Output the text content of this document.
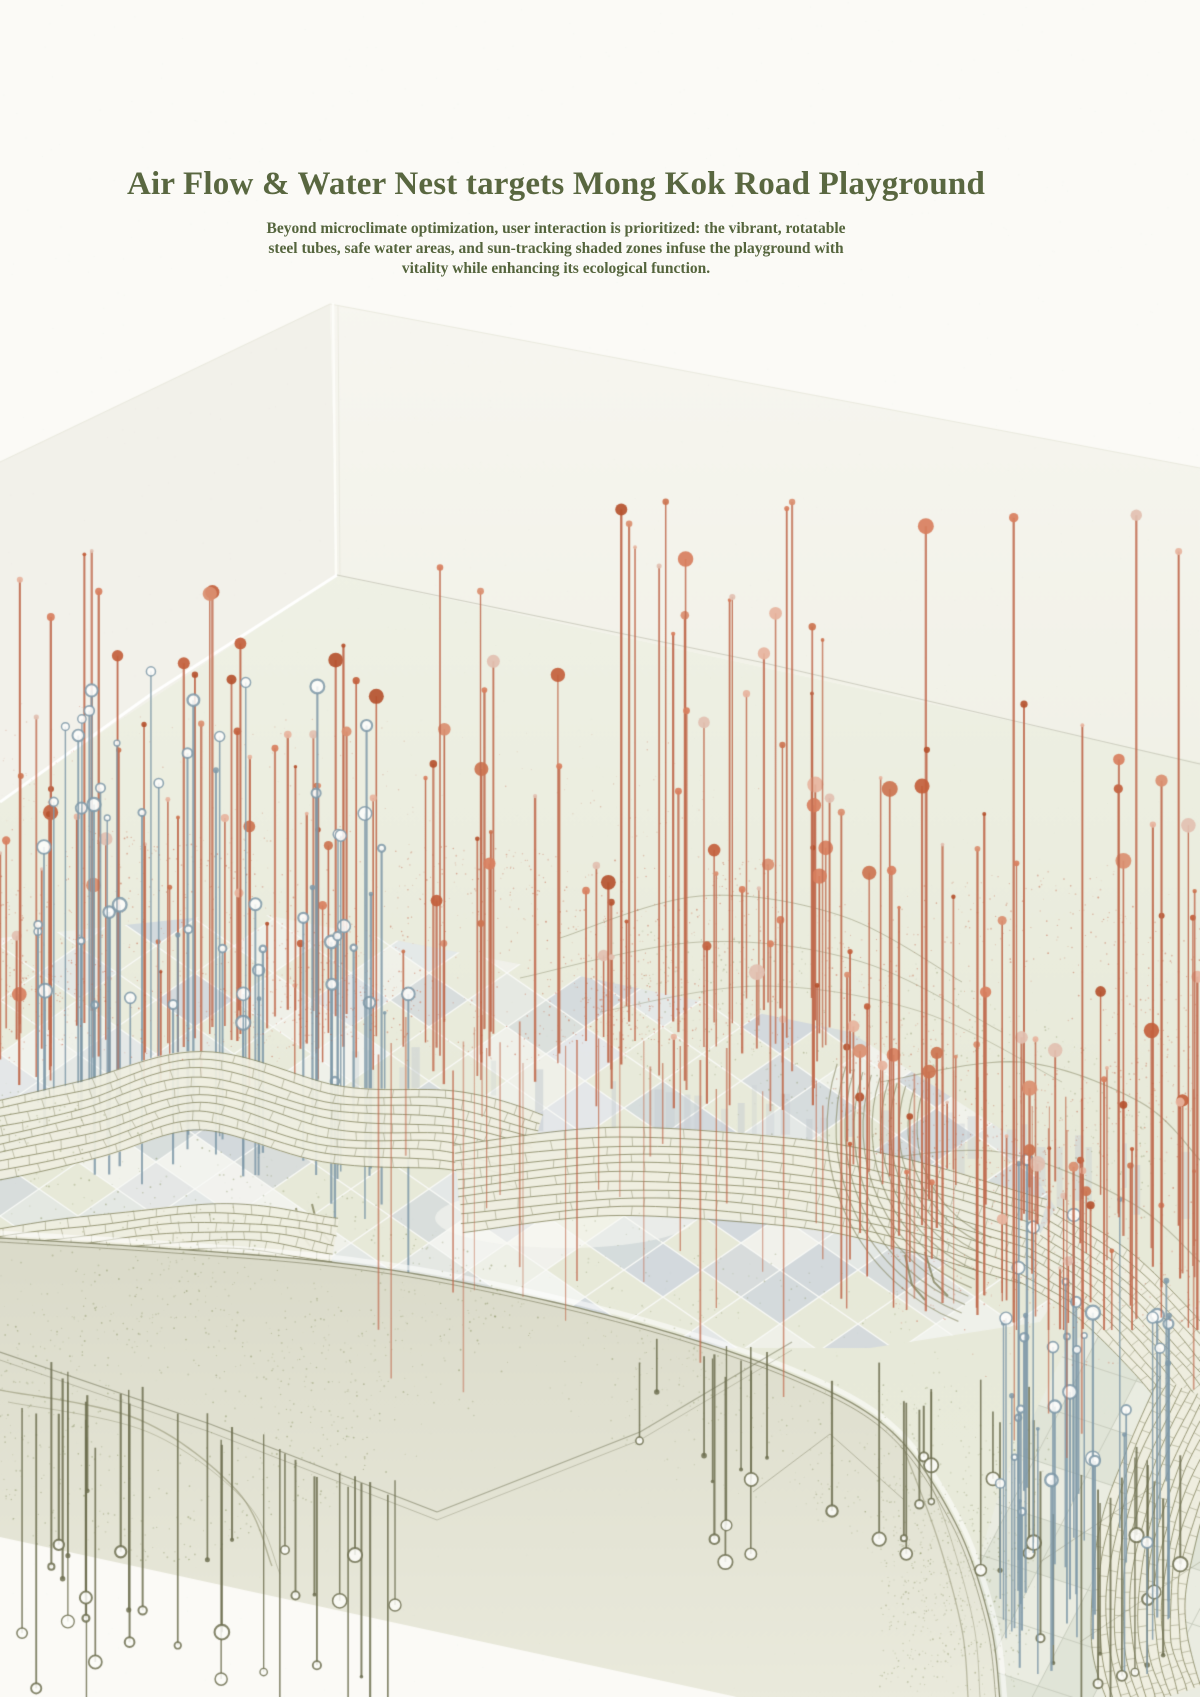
Air Flow & Water Nest targets Mong Kok Road Playground
Beyond microclimate optimization, user interaction is prioritized: the vibrant, rotatable
steel tubes, safe water areas, and sun-tracking shaded zones infuse the playground with
vitality while enhancing its ecological function.
